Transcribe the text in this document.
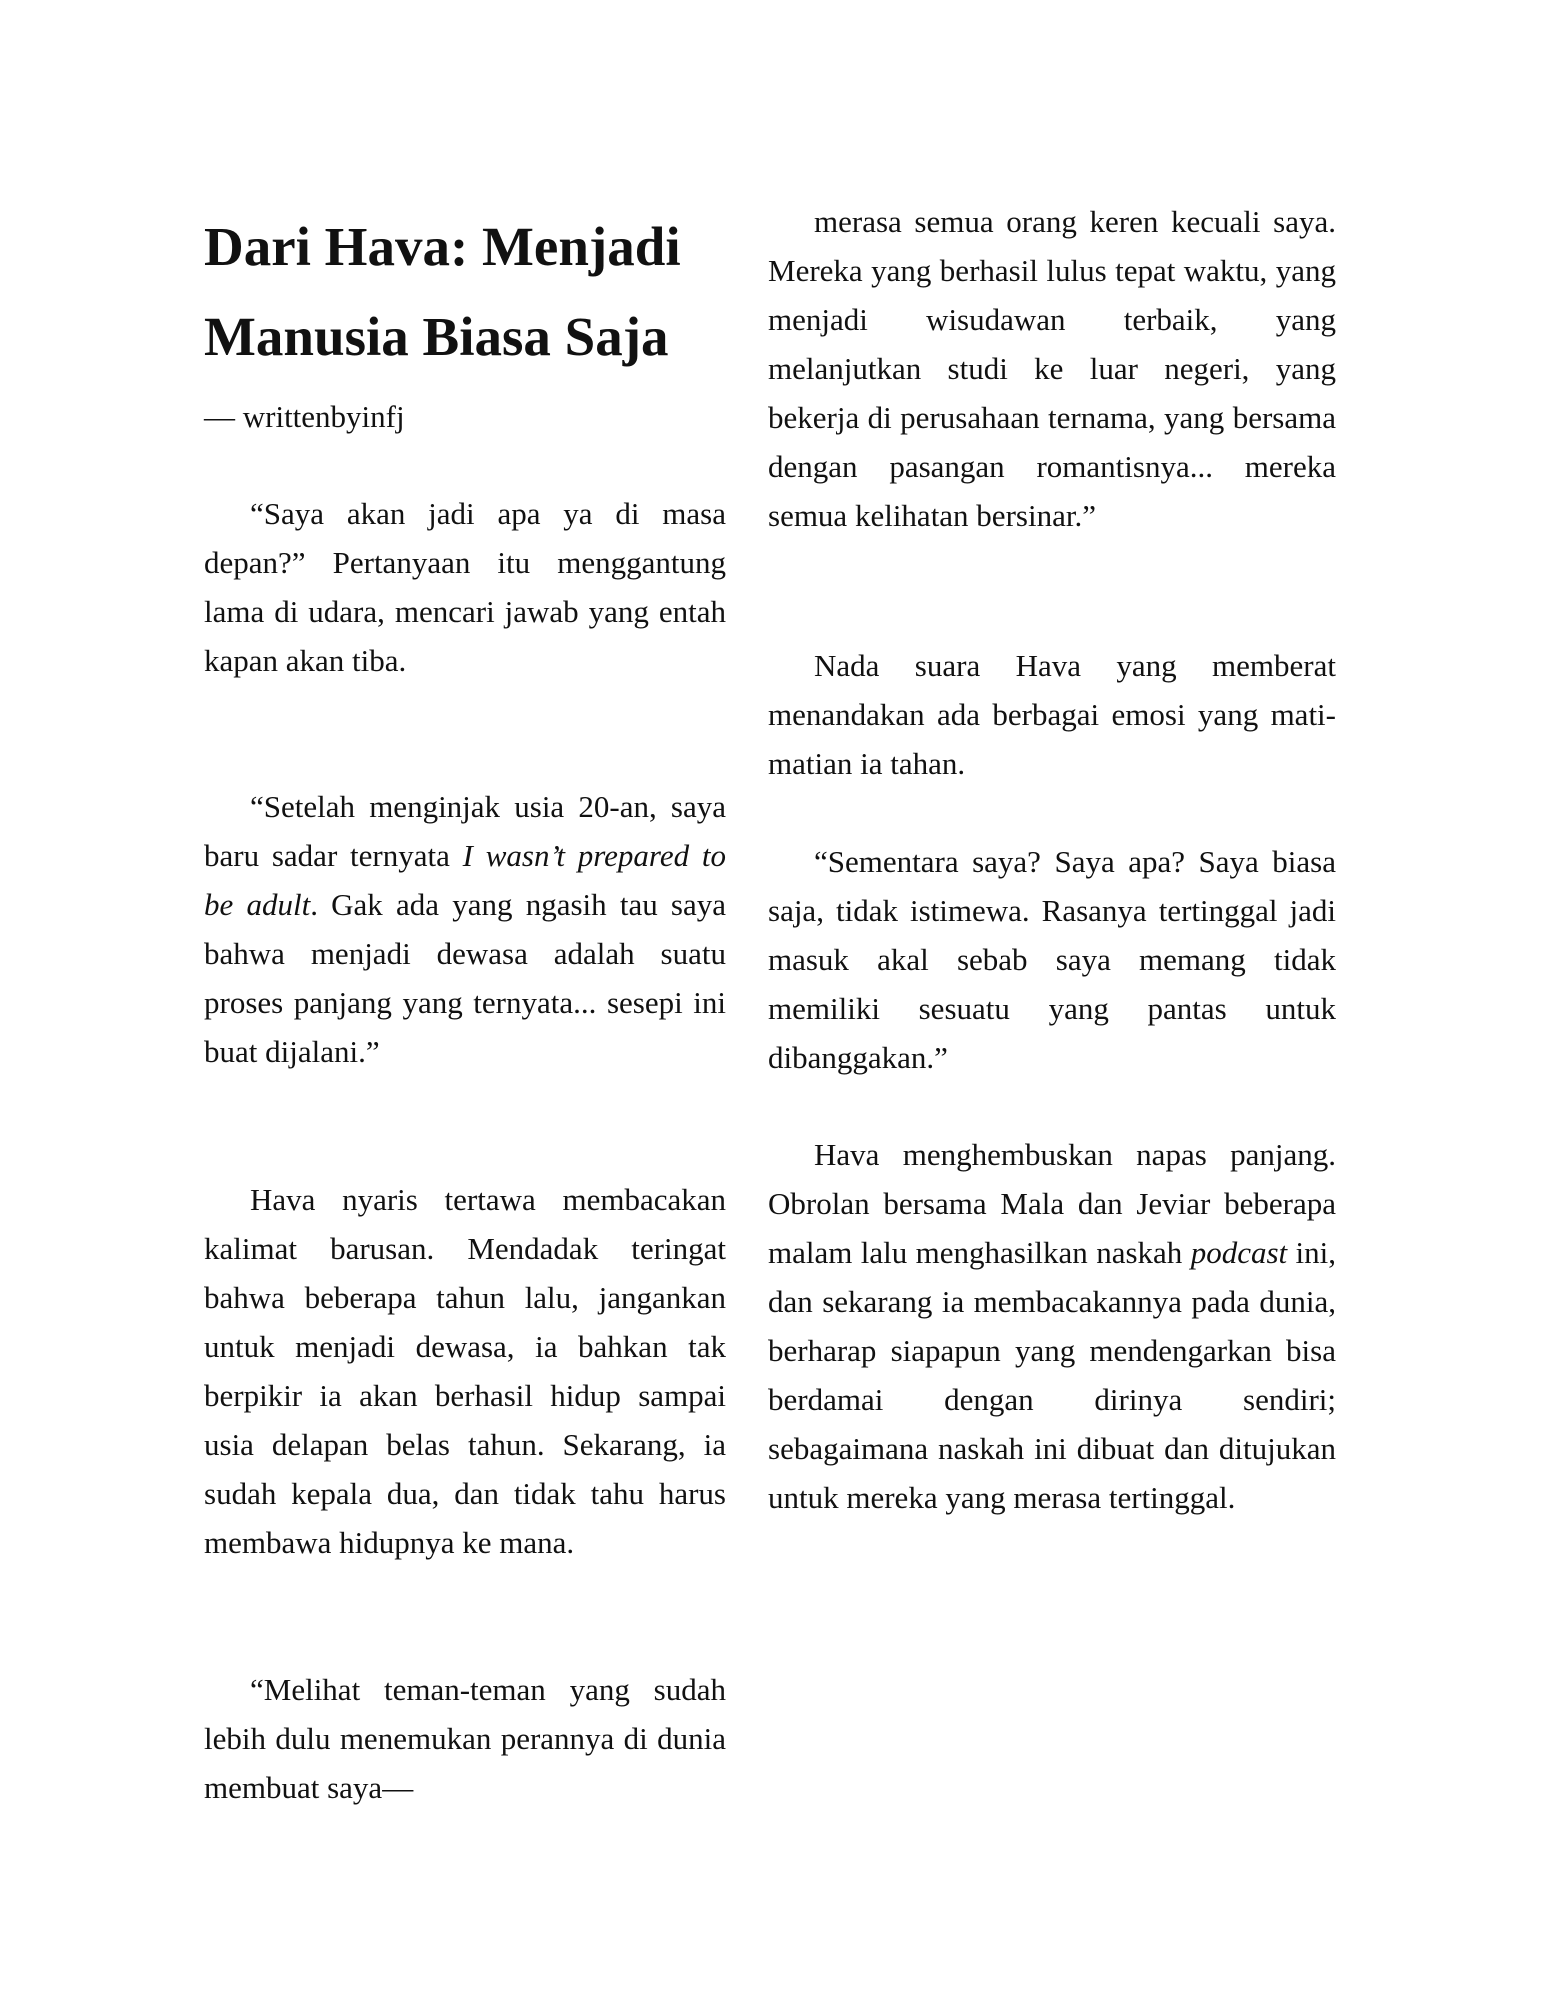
Dari Hava: Menjadi Manusia Biasa Saja

— writtenbyinfj

“Saya akan jadi apa ya di masa depan?” Pertanyaan itu menggantung lama di udara, mencari jawab yang entah kapan akan tiba.

“Setelah menginjak usia 20-an, saya baru sadar ternyata I wasn’t prepared to be adult. Gak ada yang ngasih tau saya bahwa menjadi dewasa adalah suatu proses panjang yang ternyata... sesepi ini buat dijalani.”

Hava nyaris tertawa membacakan kalimat barusan. Mendadak teringat bahwa beberapa tahun lalu, jangankan untuk menjadi dewasa, ia bahkan tak berpikir ia akan berhasil hidup sampai usia delapan belas tahun. Sekarang, ia sudah kepala dua, dan tidak tahu harus membawa hidupnya ke mana.

“Melihat teman-teman yang sudah lebih dulu menemukan perannya di dunia membuat saya—

merasa semua orang keren kecuali saya. Mereka yang berhasil lulus tepat waktu, yang menjadi wisudawan terbaik, yang melanjutkan studi ke luar negeri, yang bekerja di perusahaan ternama, yang bersama dengan pasangan romantisnya... mereka semua kelihatan bersinar.”

Nada suara Hava yang memberat menandakan ada berbagai emosi yang mati-matian ia tahan.

“Sementara saya? Saya apa? Saya biasa saja, tidak istimewa. Rasanya tertinggal jadi masuk akal sebab saya memang tidak memiliki sesuatu yang pantas untuk dibanggakan.”

Hava menghembuskan napas panjang. Obrolan bersama Mala dan Jeviar beberapa malam lalu menghasilkan naskah podcast ini, dan sekarang ia membacakannya pada dunia, berharap siapapun yang mendengarkan bisa berdamai dengan dirinya sendiri; sebagaimana naskah ini dibuat dan ditujukan untuk mereka yang merasa tertinggal.
